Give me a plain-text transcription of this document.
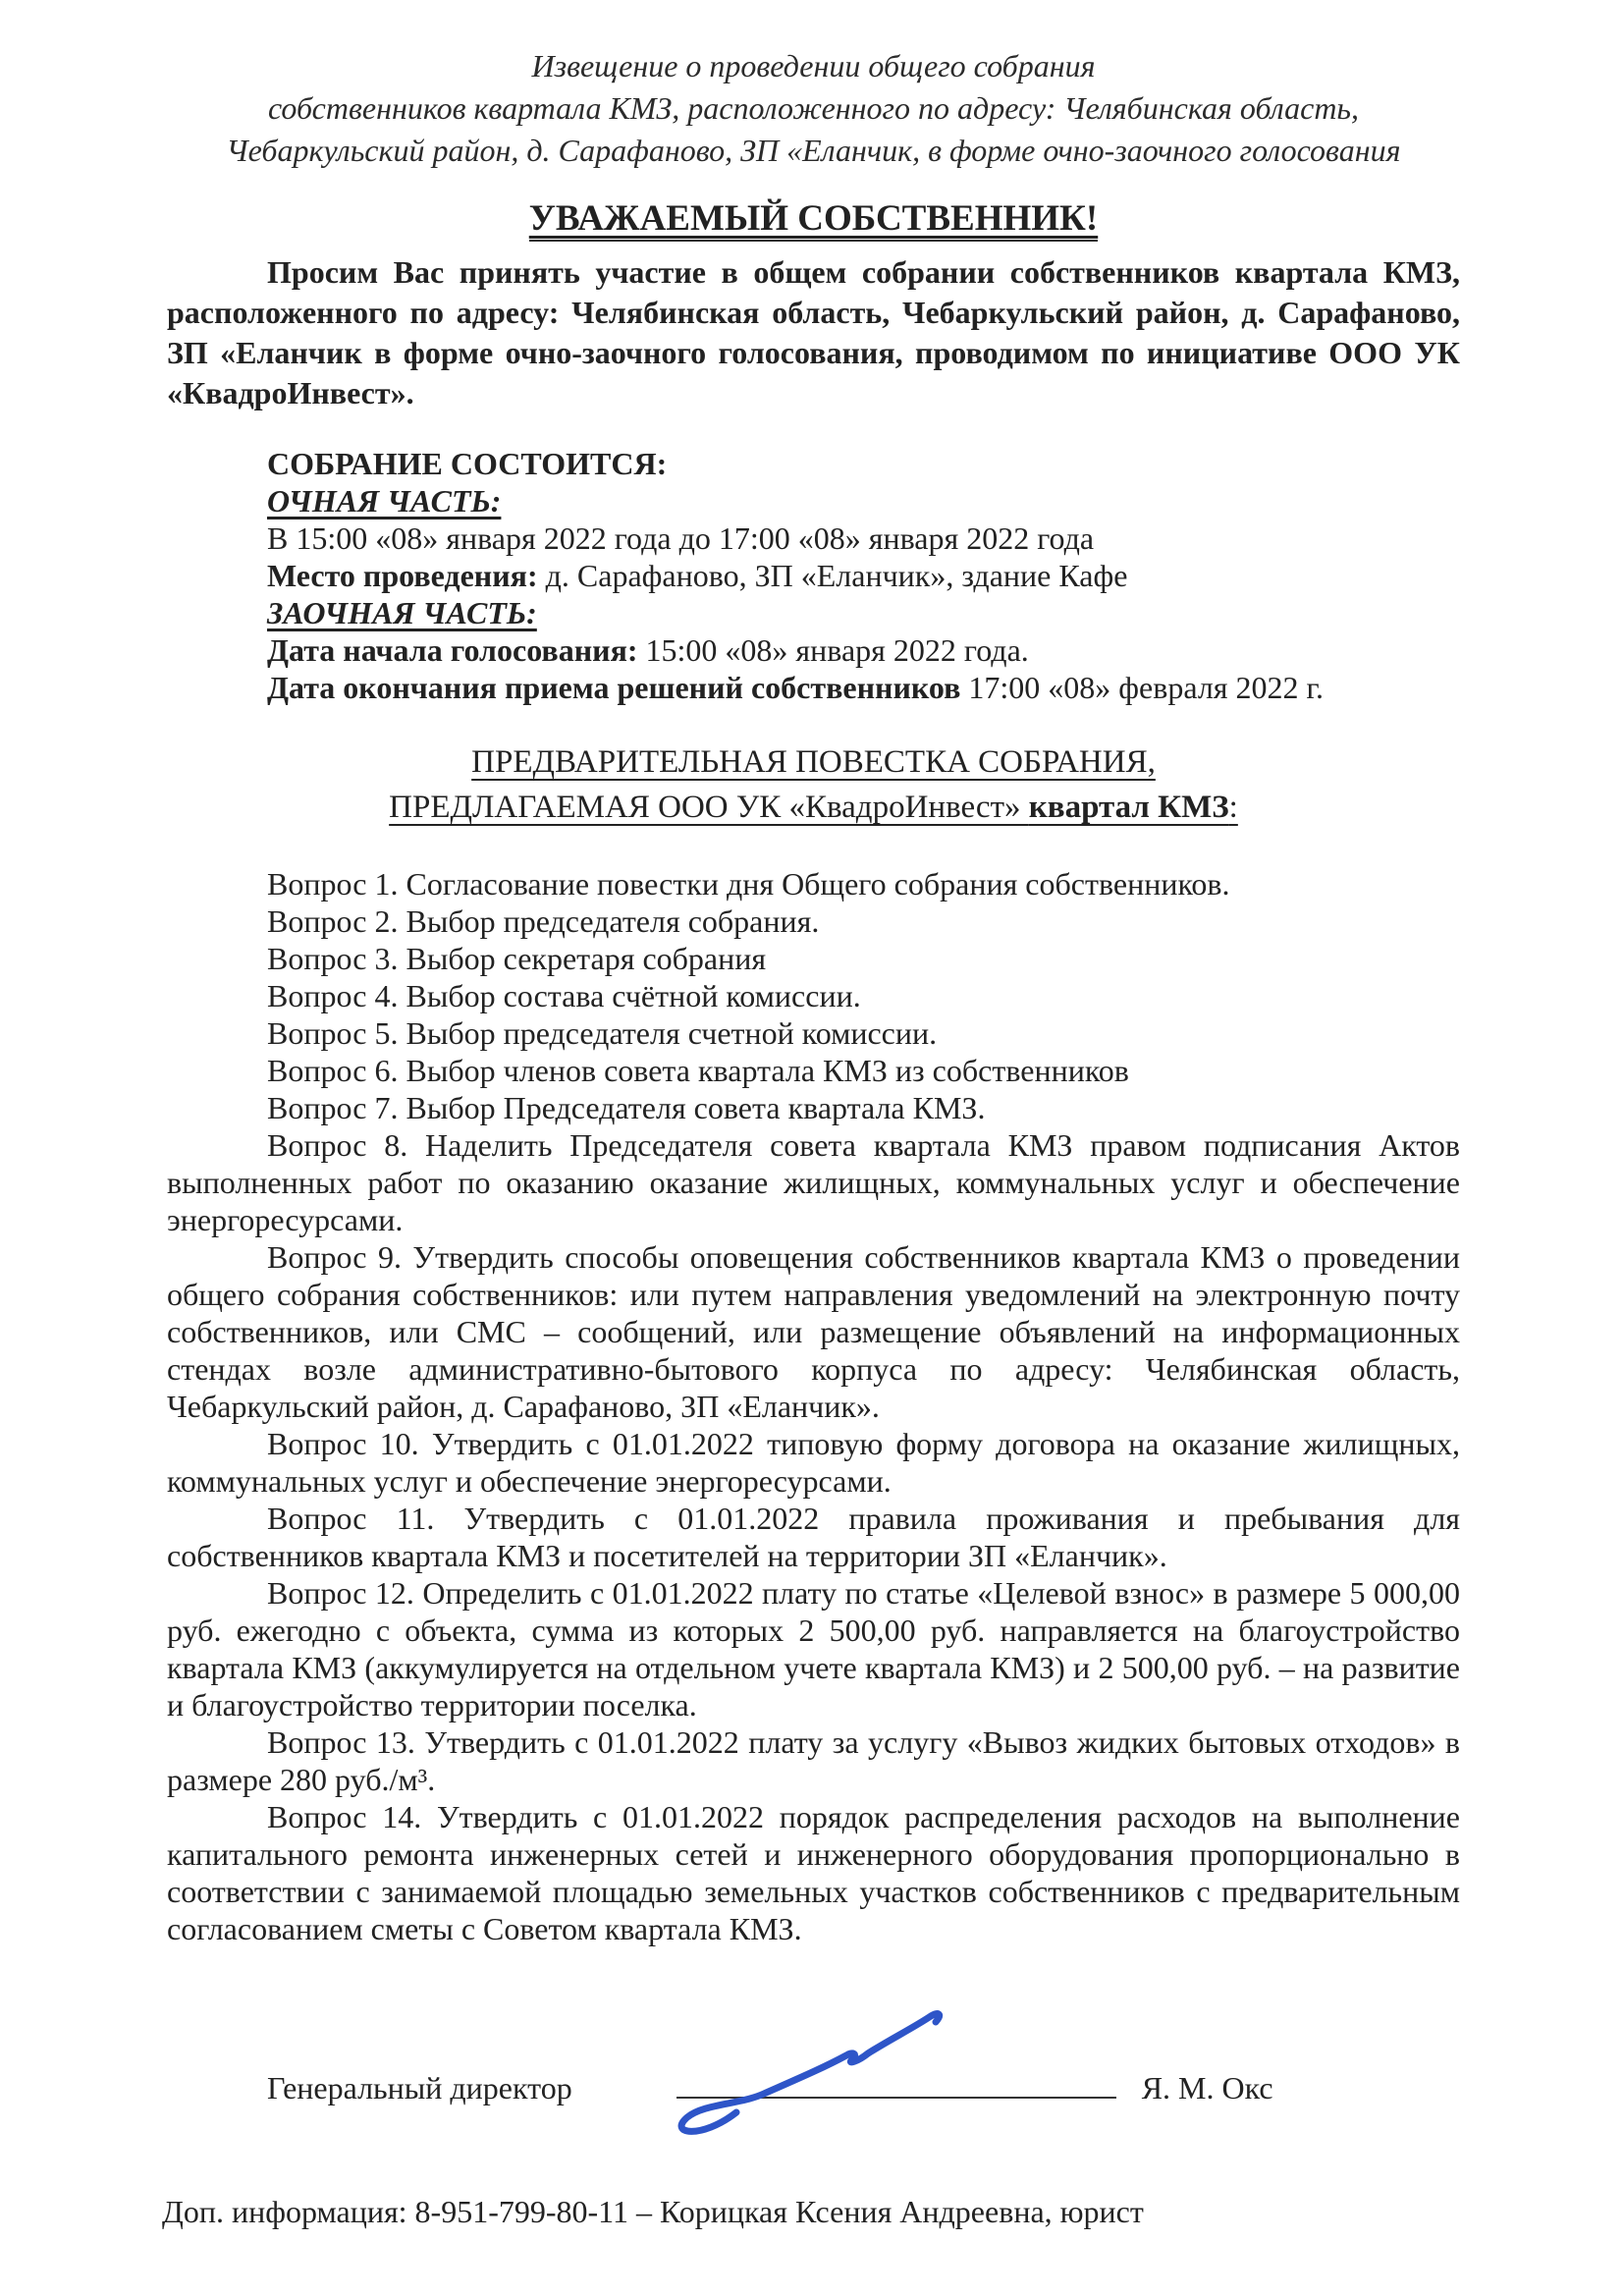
Извещение о проведении общего собрания
собственников квартала КМЗ, расположенного по адресу: Челябинская область,
Чебаркульский район, д. Сарафаново, ЗП «Еланчик, в форме очно-заочного голосования
УВАЖАЕМЫЙ СОБСТВЕННИК!

Просим Вас принять участие в общем собрании собственников квартала КМЗ, расположенного по адресу: Челябинская область, Чебаркульский район, д. Сарафаново, ЗП «Еланчик в форме очно-заочного голосования, проводимом по инициативе ООО УК «КвадроИнвест».

СОБРАНИЕ СОСТОИТСЯ:

ОЧНАЯ ЧАСТЬ:

В 15:00 «08» января 2022 года до 17:00 «08» января 2022 года

Место проведения: д. Сарафаново, ЗП «Еланчик», здание Кафе

ЗАОЧНАЯ ЧАСТЬ:

Дата начала голосования: 15:00 «08» января 2022 года.

Дата окончания приема решений собственников 17:00 «08» февраля 2022 г.

ПРЕДВАРИТЕЛЬНАЯ ПОВЕСТКА СОБРАНИЯ,
ПРЕДЛАГАЕМАЯ ООО УК «КвадроИнвест» квартал КМЗ:

Вопрос 1. Согласование повестки дня Общего собрания собственников.

Вопрос 2. Выбор председателя собрания.

Вопрос 3. Выбор секретаря собрания

Вопрос 4. Выбор состава счётной комиссии.

Вопрос 5. Выбор председателя счетной комиссии.

Вопрос 6. Выбор членов совета квартала КМЗ из собственников

Вопрос 7. Выбор Председателя совета квартала КМЗ.

Вопрос 8. Наделить Председателя совета квартала КМЗ правом подписания Актов выполненных работ по оказанию оказание жилищных, коммунальных услуг и обеспечение энергоресурсами.

Вопрос 9. Утвердить способы оповещения собственников квартала КМЗ о проведении общего собрания собственников: или путем направления уведомлений на электронную почту собственников, или СМС – сообщений, или размещение объявлений на информационных стендах возле административно-бытового корпуса по адресу: Челябинская область, Чебаркульский район, д. Сарафаново, ЗП «Еланчик».

Вопрос 10. Утвердить с 01.01.2022 типовую форму договора на оказание жилищных, коммунальных услуг и обеспечение энергоресурсами.

Вопрос 11. Утвердить с 01.01.2022 правила проживания и пребывания для собственников квартала КМЗ и посетителей на территории ЗП «Еланчик».

Вопрос 12. Определить с 01.01.2022 плату по статье «Целевой взнос» в размере 5 000,00 руб. ежегодно с объекта, сумма из которых 2 500,00 руб. направляется на благоустройство квартала КМЗ (аккумулируется на отдельном учете квартала КМЗ) и 2 500,00 руб. – на развитие и благоустройство территории поселка.

Вопрос 13. Утвердить с 01.01.2022 плату за услугу «Вывоз жидких бытовых отходов» в размере 280 руб./м³.

Вопрос 14. Утвердить с 01.01.2022 порядок распределения расходов на выполнение капитального ремонта инженерных сетей и инженерного оборудования пропорционально в соответствии с занимаемой площадью земельных участков собственников с предварительным согласованием сметы с Советом квартала КМЗ.

Генеральный директор	Я. М. Окс

Доп. информация: 8-951-799-80-11 – Корицкая Ксения Андреевна, юрист
